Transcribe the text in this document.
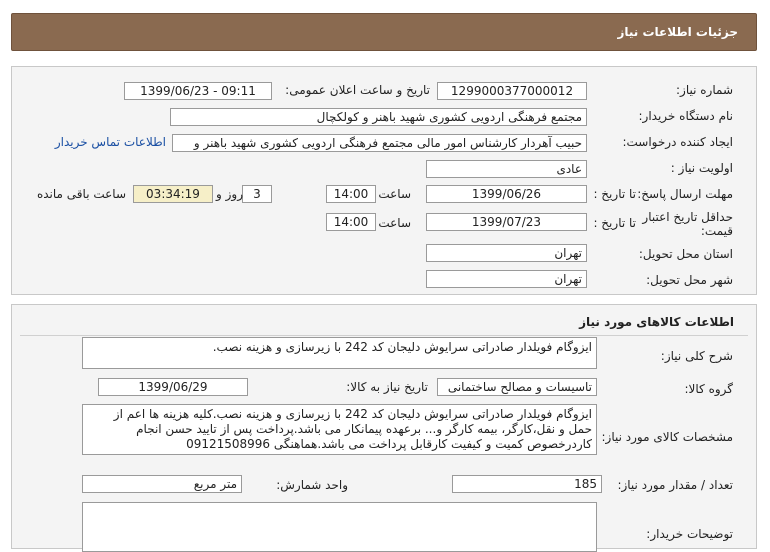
جزئیات اطلاعات نیاز
شماره نیاز:
1299000377000012
تاریخ و ساعت اعلان عمومی:
1399/06/23 - 09:11
نام دستگاه خریدار:
مجتمع فرهنگی اردویی کشوری شهید باهنر و کولکچال
ایجاد کننده درخواست:
حبیب آهردار کارشناس امور مالی مجتمع فرهنگی اردویی کشوری شهید باهنر و
اطلاعات تماس خریدار
اولویت نیاز :
عادی
مهلت ارسال پاسخ:
تا تاریخ :
1399/06/26
ساعت
14:00
3
روز و
03:34:19
ساعت باقی مانده
حداقل تاریخ اعتبار قیمت:
تا تاریخ :
1399/07/23
ساعت
14:00
استان محل تحویل:
تهران
شهر محل تحویل:
تهران
اطلاعات کالاهای مورد نیاز
شرح کلی نیاز:
ایزوگام فویلدار صادراتی سرایوش دلیجان کد 242 با زیرسازی و هزینه نصب.
گروه کالا:
تاسیسات و مصالح ساختمانی
تاریخ نیاز به کالا:
1399/06/29
مشخصات کالای مورد نیاز:
ایزوگام فویلدار صادراتی سرایوش دلیجان کد 242 با زیرسازی و هزینه نصب.کلیه هزینه ها اعم از حمل و نقل،کارگر، بیمه کارگر و... برعهده پیمانکار می باشد.پرداخت پس از تایید حسن انجام کاردرخصوص کمیت و کیفیت کارقابل پرداخت می باشد.هماهنگی 09121508996
تعداد / مقدار مورد نیاز:
185
واحد شمارش:
متر مربع
توضیحات خریدار:
